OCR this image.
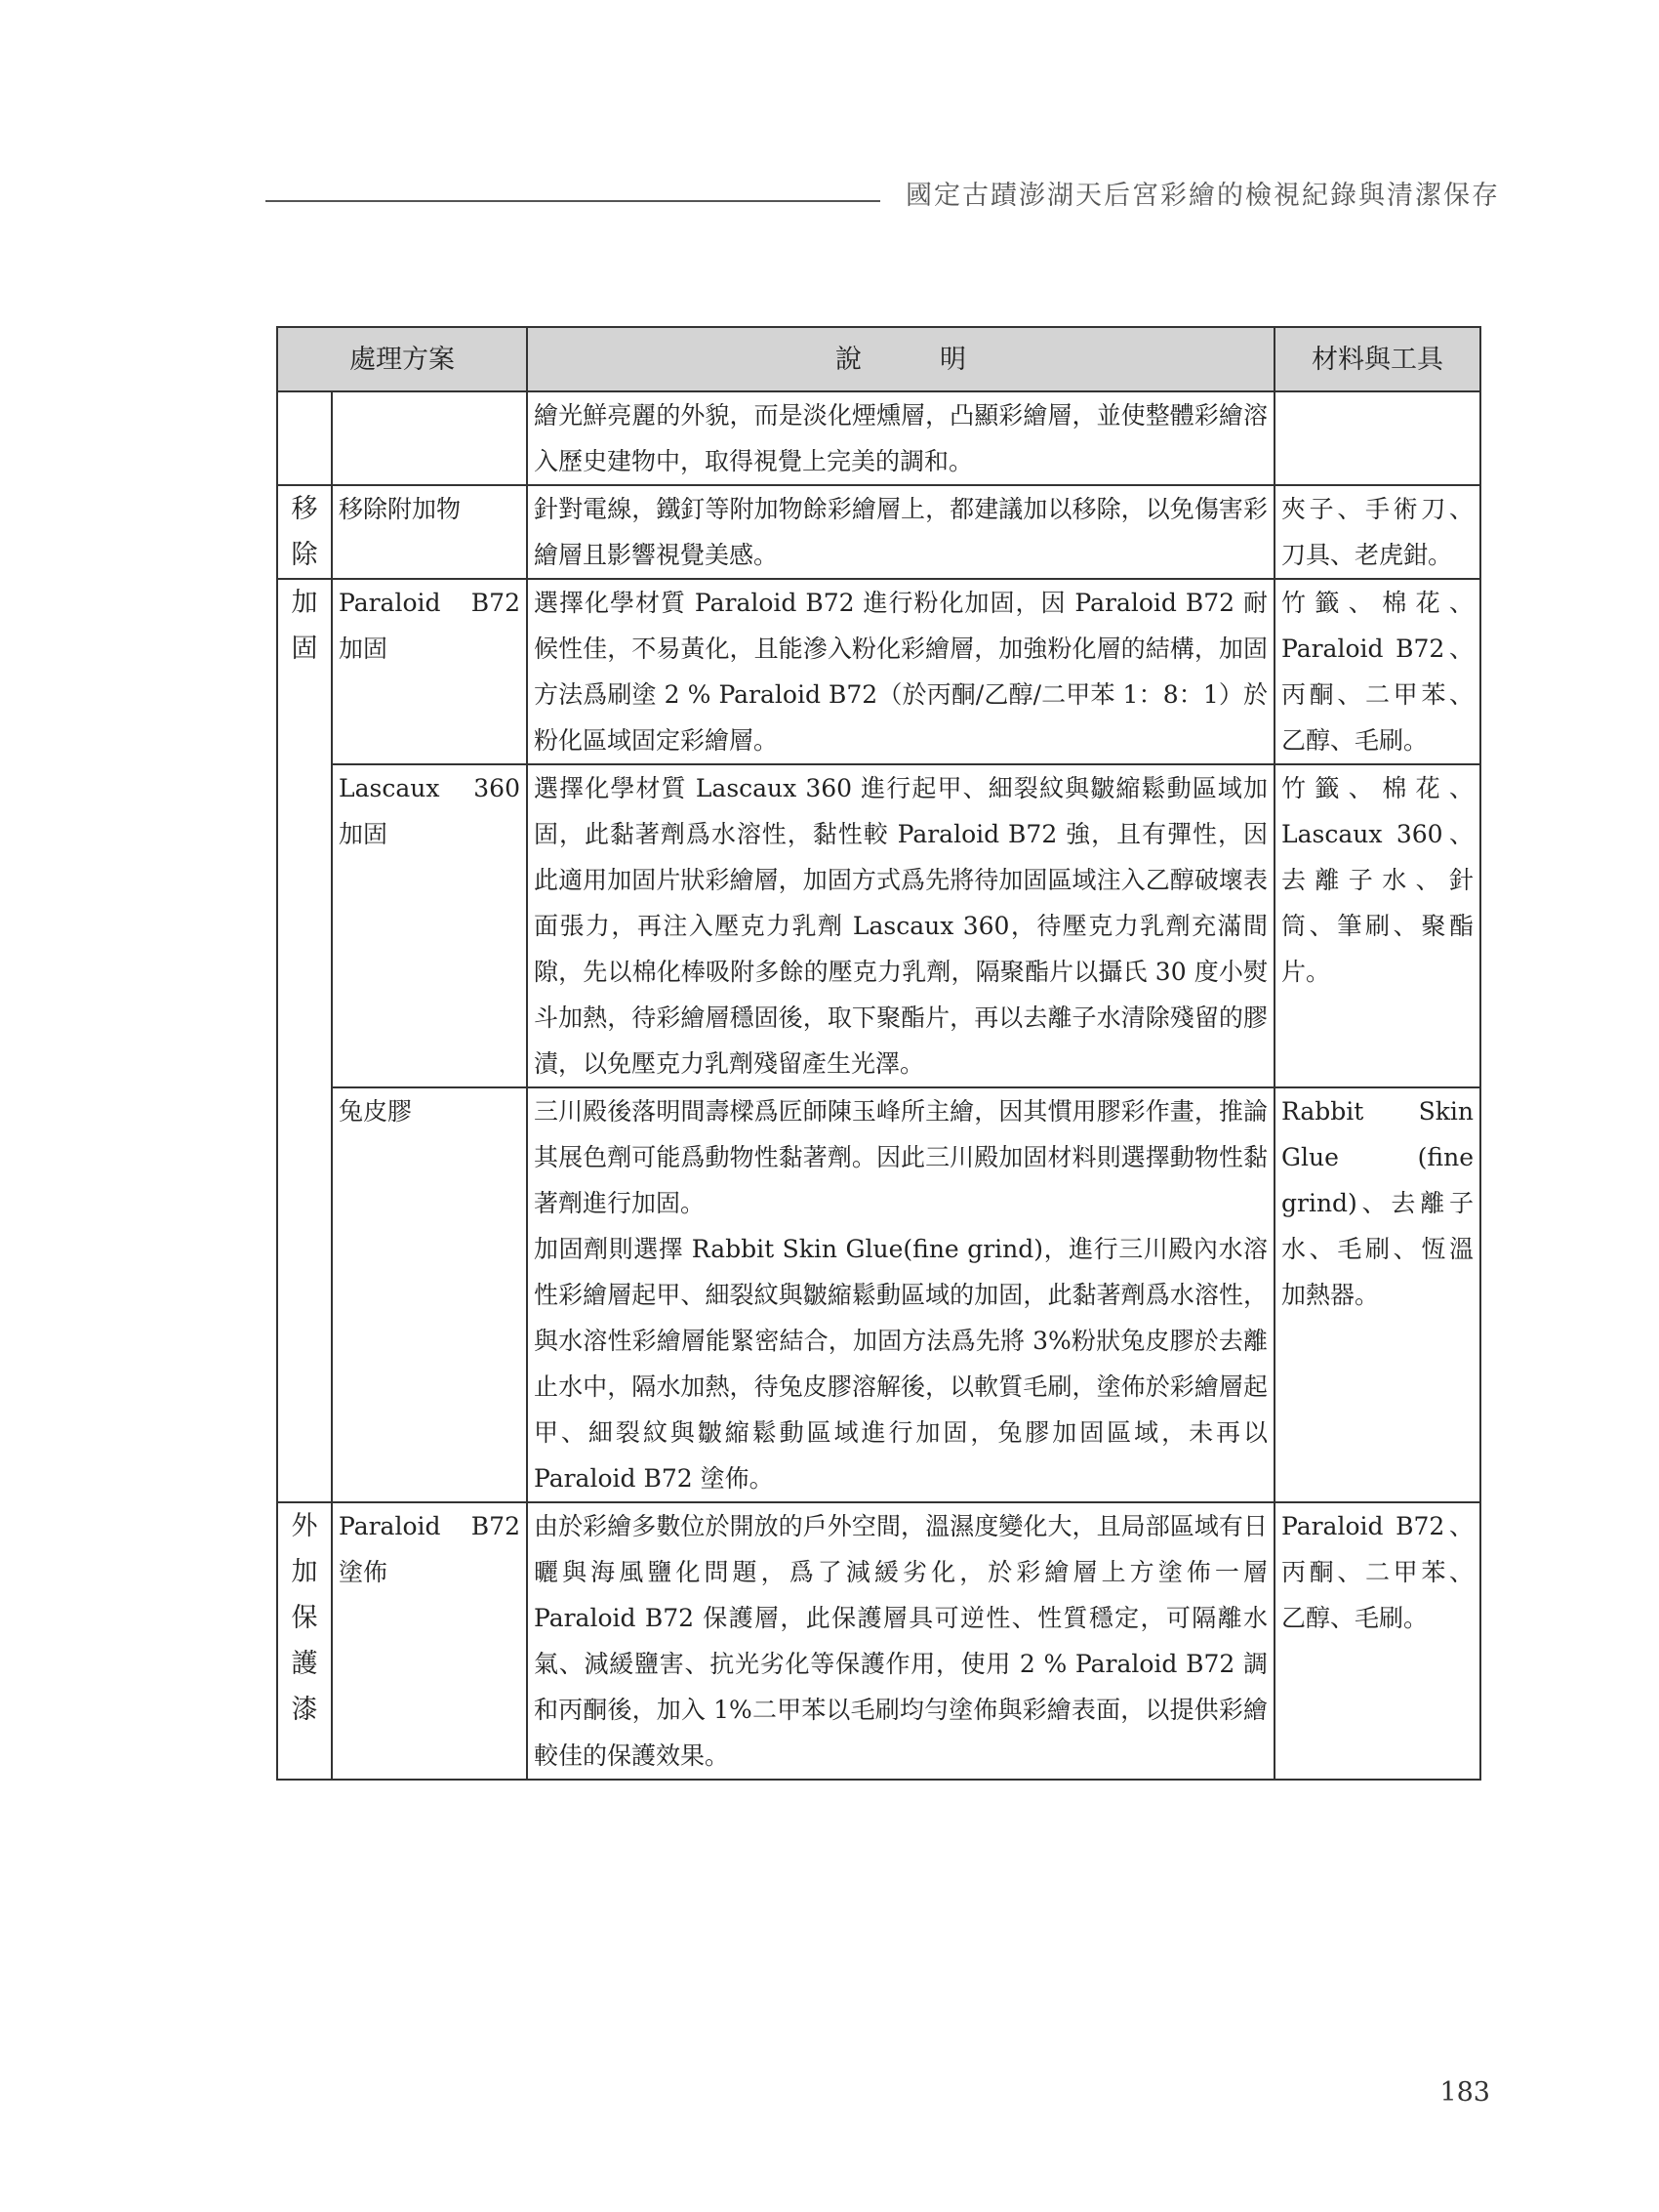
國定古蹟澎湖天后宮彩繪的檢視紀錄與清潔保存
處理方案		說明	材料與工具
		繪光鮮亮麗的外貌，而是淡化煙燻層，凸顯彩繪層，並使整體彩繪溶入歷史建物中，取得視覺上完美的調和。	
移除	移除附加物	針對電線，鐵釘等附加物餘彩繪層上，都建議加以移除，以免傷害彩繪層且影響視覺美感。	夾子、手術刀、刀具、老虎鉗。
加固	Paraloid B72 加固	選擇化學材質 Paraloid B72 進行粉化加固，因 Paraloid B72 耐候性佳，不易黃化，且能滲入粉化彩繪層，加強粉化層的結構，加固方法爲刷塗 2 % Paraloid B72（於丙酮/乙醇/二甲苯 1：8：1）於粉化區域固定彩繪層。	竹籤、棉花、Paraloid B72、丙酮、二甲苯、乙醇、毛刷。
	Lascaux 360 加固	選擇化學材質 Lascaux 360 進行起甲、細裂紋與皺縮鬆動區域加固，此黏著劑爲水溶性，黏性較 Paraloid B72 強，且有彈性，因此適用加固片狀彩繪層，加固方式爲先將待加固區域注入乙醇破壞表面張力，再注入壓克力乳劑 Lascaux 360，待壓克力乳劑充滿間隙，先以棉化棒吸附多餘的壓克力乳劑，隔聚酯片以攝氏 30 度小熨斗加熱，待彩繪層穩固後，取下聚酯片，再以去離子水清除殘留的膠漬，以免壓克力乳劑殘留產生光澤。	竹籤、棉花、Lascaux 360、去離子水、針筒、筆刷、聚酯片。
	兔皮膠	三川殿後落明間壽樑爲匠師陳玉峰所主繪，因其慣用膠彩作畫，推論其展色劑可能爲動物性黏著劑。因此三川殿加固材料則選擇動物性黏著劑進行加固。
加固劑則選擇 Rabbit Skin Glue(fine grind)，進行三川殿內水溶性彩繪層起甲、細裂紋與皺縮鬆動區域的加固，此黏著劑爲水溶性，與水溶性彩繪層能緊密結合，加固方法爲先將 3%粉狀兔皮膠於去離止水中，隔水加熱，待兔皮膠溶解後，以軟質毛刷，塗佈於彩繪層起甲、細裂紋與皺縮鬆動區域進行加固，兔膠加固區域，未再以 Paraloid B72 塗佈。	Rabbit Skin Glue (fine grind)、去離子水、毛刷、恆溫加熱器。
外加保護漆	Paraloid B72 塗佈	由於彩繪多數位於開放的戶外空間，溫濕度變化大，且局部區域有日曬與海風鹽化問題，爲了減緩劣化，於彩繪層上方塗佈一層 Paraloid B72 保護層，此保護層具可逆性、性質穩定，可隔離水氣、減緩鹽害、抗光劣化等保護作用，使用 2 % Paraloid B72 調和丙酮後，加入 1%二甲苯以毛刷均勻塗佈與彩繪表面，以提供彩繪較佳的保護效果。	Paraloid B72、丙酮、二甲苯、乙醇、毛刷。
183
